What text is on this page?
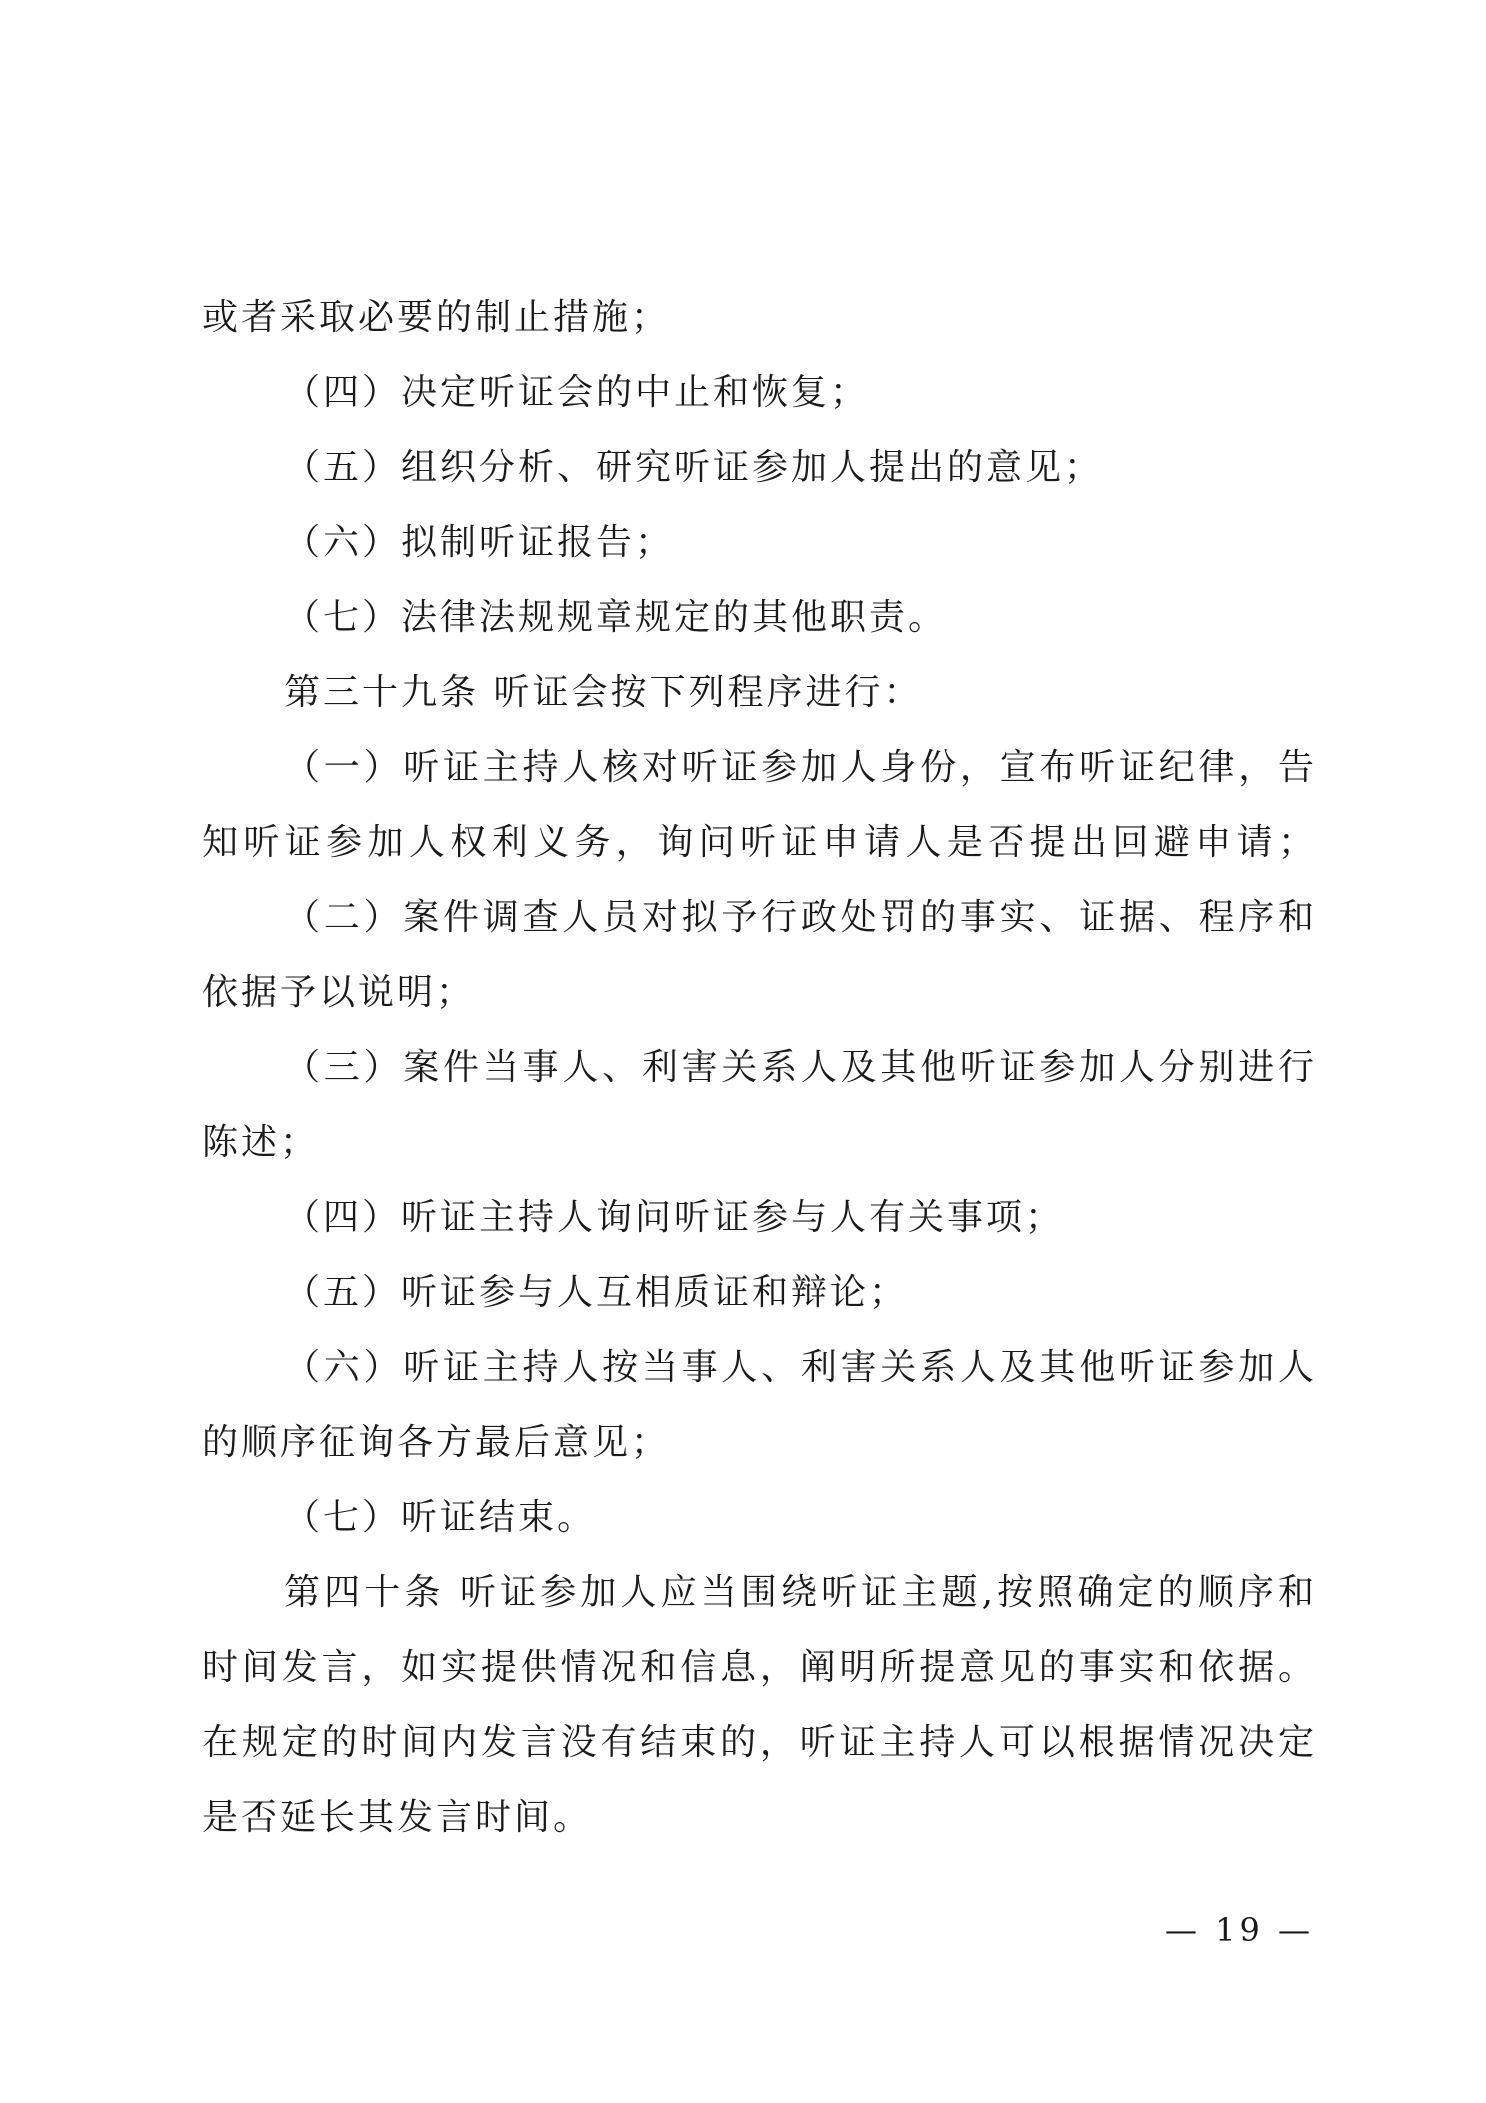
或者采取必要的制止措施；
（四）决定听证会的中止和恢复；
（五）组织分析、研究听证参加人提出的意见；
（六）拟制听证报告；
（七）法律法规规章规定的其他职责。
第三十九条 听证会按下列程序进行：
（一）听证主持人核对听证参加人身份，宣布听证纪律，告
知听证参加人权利义务，询问听证申请人是否提出回避申请；
（二）案件调查人员对拟予行政处罚的事实、证据、程序和
依据予以说明；
（三）案件当事人、利害关系人及其他听证参加人分别进行
陈述；
（四）听证主持人询问听证参与人有关事项；
（五）听证参与人互相质证和辩论；
（六）听证主持人按当事人、利害关系人及其他听证参加人
的顺序征询各方最后意见；
（七）听证结束。
第四十条 听证参加人应当围绕听证主题,按照确定的顺序和
时间发言，如实提供情况和信息，阐明所提意见的事实和依据。
在规定的时间内发言没有结束的，听证主持人可以根据情况决定
是否延长其发言时间。
— 19 —
